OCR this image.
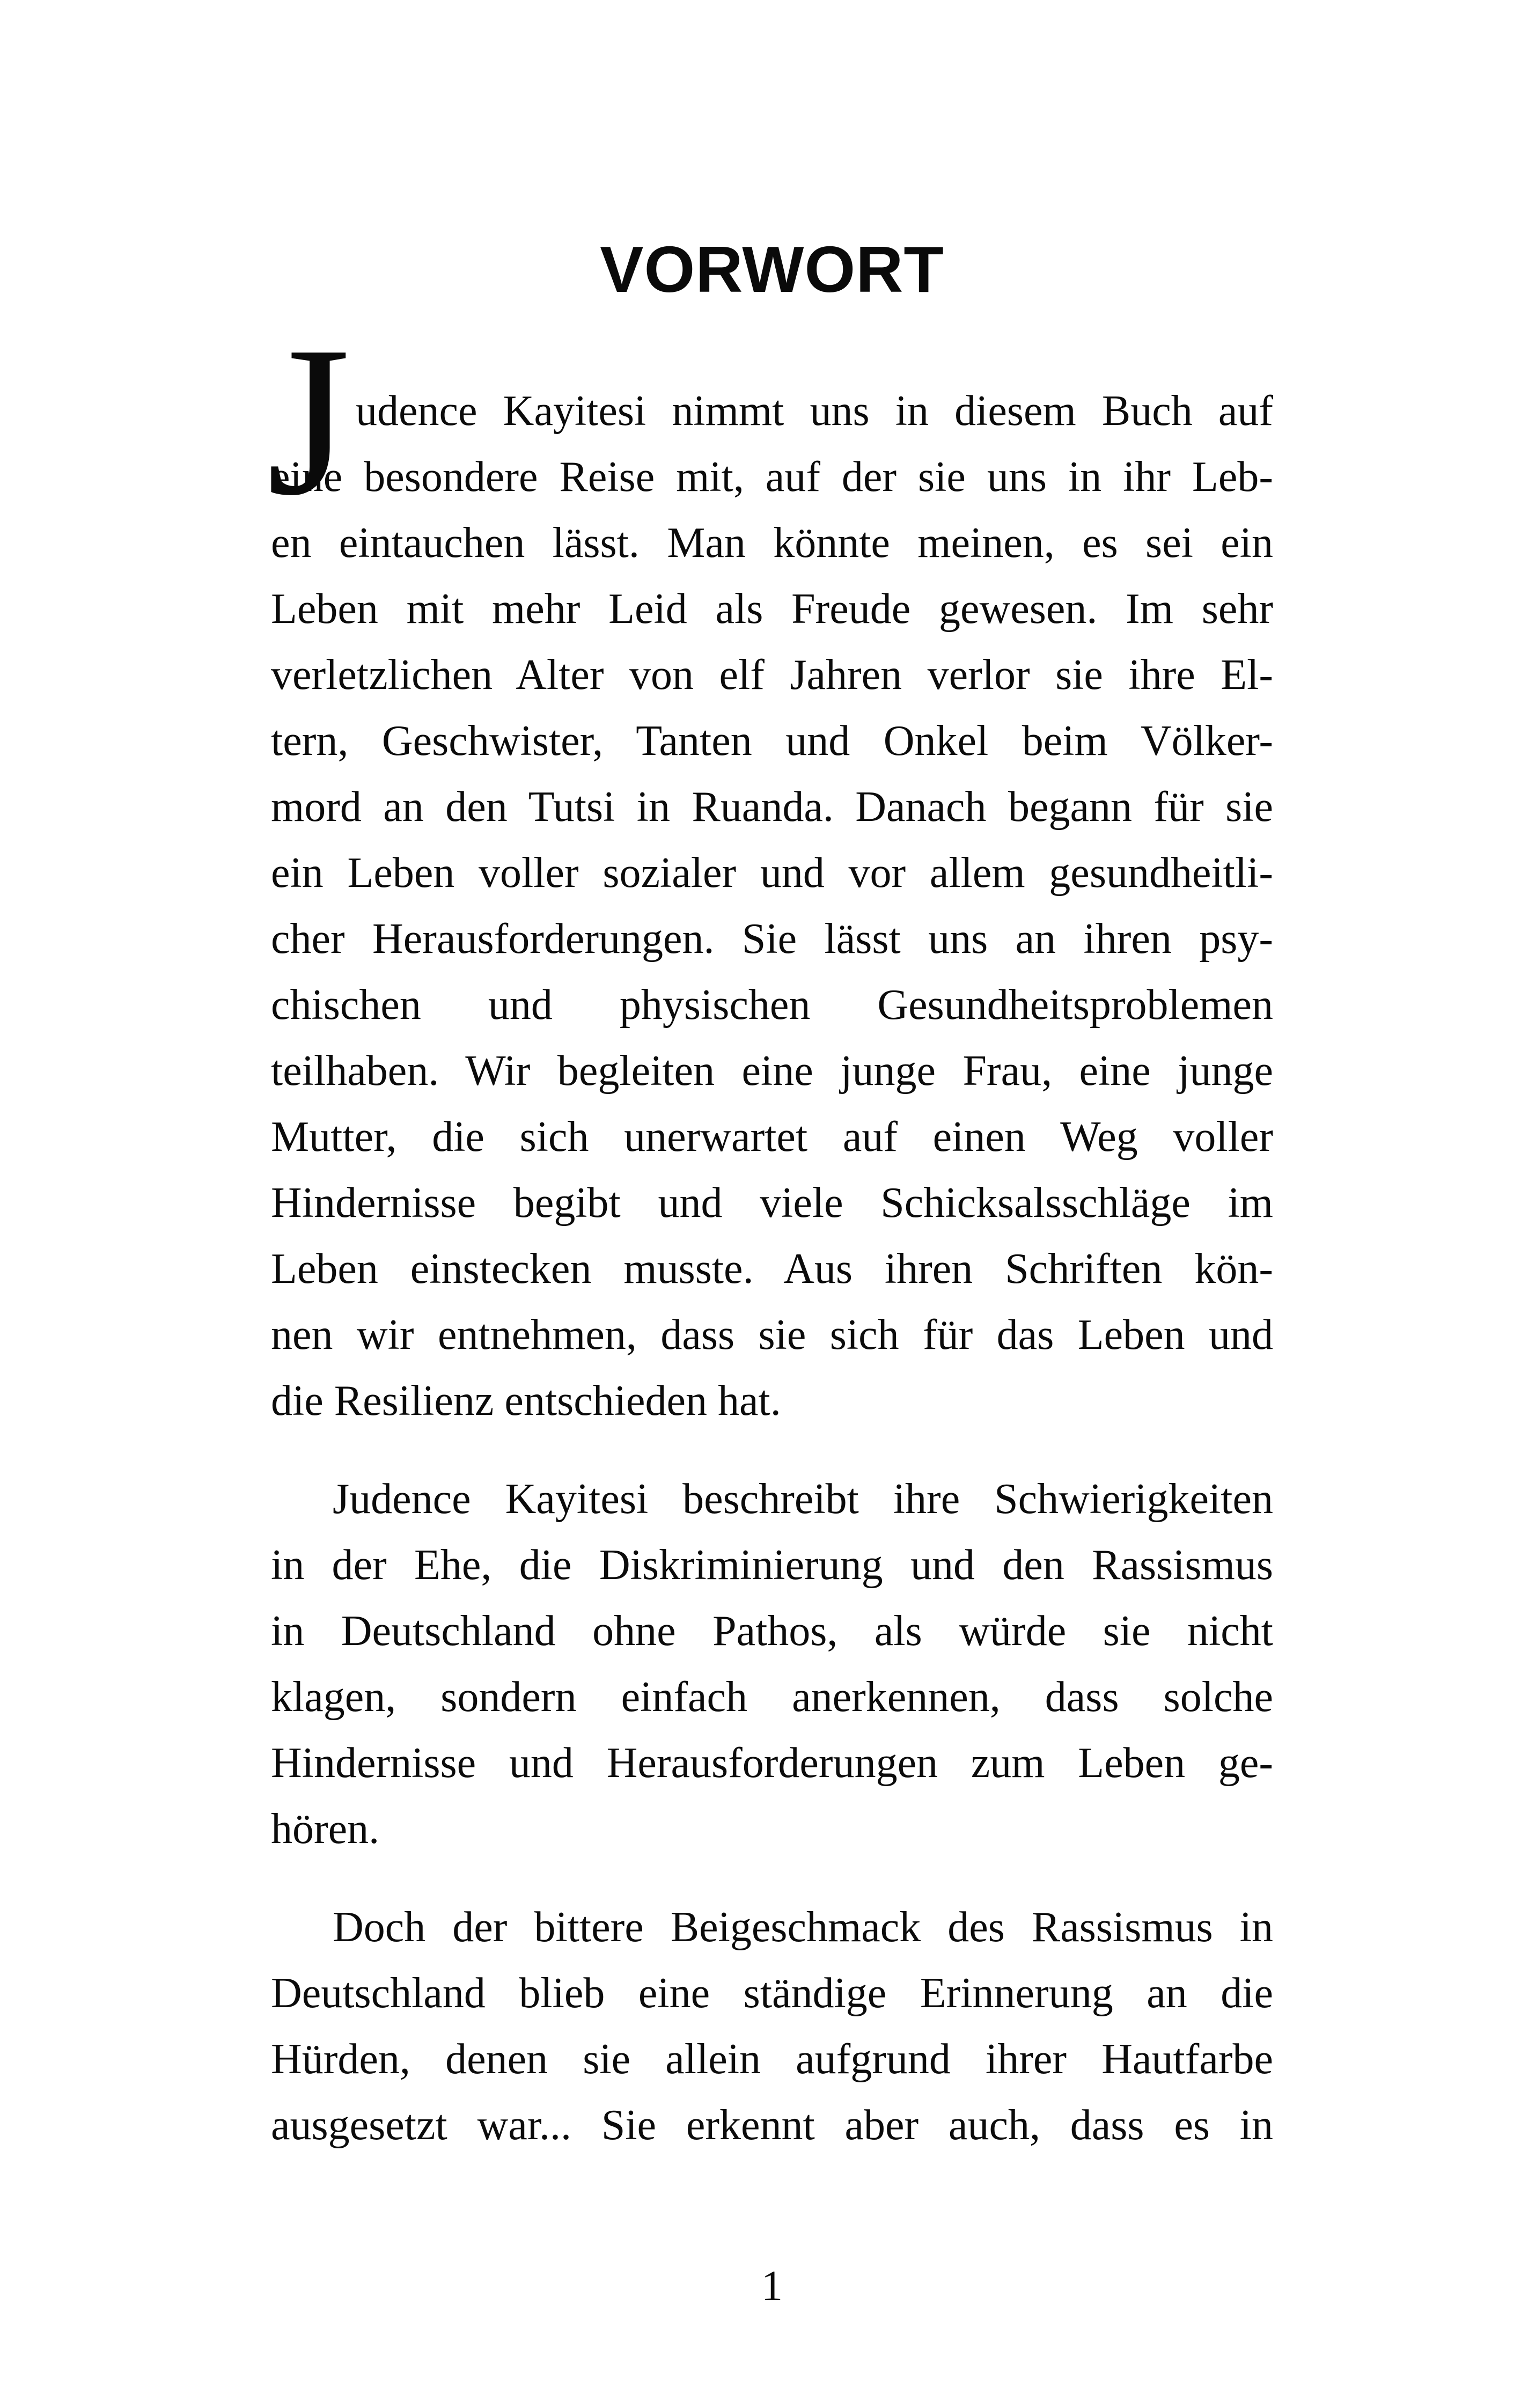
VORWORT
J udence Kayitesi nimmt uns in diesem Buch auf
eine besondere Reise mit, auf der sie uns in ihr Leb-
en eintauchen lässt. Man könnte meinen, es sei ein
Leben mit mehr Leid als Freude gewesen. Im sehr
verletzlichen Alter von elf Jahren verlor sie ihre El-
tern, Geschwister, Tanten und Onkel beim Völker-
mord an den Tutsi in Ruanda. Danach begann für sie
ein Leben voller sozialer und vor allem gesundheitli-
cher Herausforderungen. Sie lässt uns an ihren psy-
chischen und physischen Gesundheitsproblemen
teilhaben. Wir begleiten eine junge Frau, eine junge
Mutter, die sich unerwartet auf einen Weg voller
Hindernisse begibt und viele Schicksalsschläge im
Leben einstecken musste. Aus ihren Schriften kön-
nen wir entnehmen, dass sie sich für das Leben und
die Resilienz entschieden hat.
Judence Kayitesi beschreibt ihre Schwierigkeiten
in der Ehe, die Diskriminierung und den Rassismus
in Deutschland ohne Pathos, als würde sie nicht
klagen, sondern einfach anerkennen, dass solche
Hindernisse und Herausforderungen zum Leben ge-
hören.
Doch der bittere Beigeschmack des Rassismus in
Deutschland blieb eine ständige Erinnerung an die
Hürden, denen sie allein aufgrund ihrer Hautfarbe
ausgesetzt war... Sie erkennt aber auch, dass es in
1
